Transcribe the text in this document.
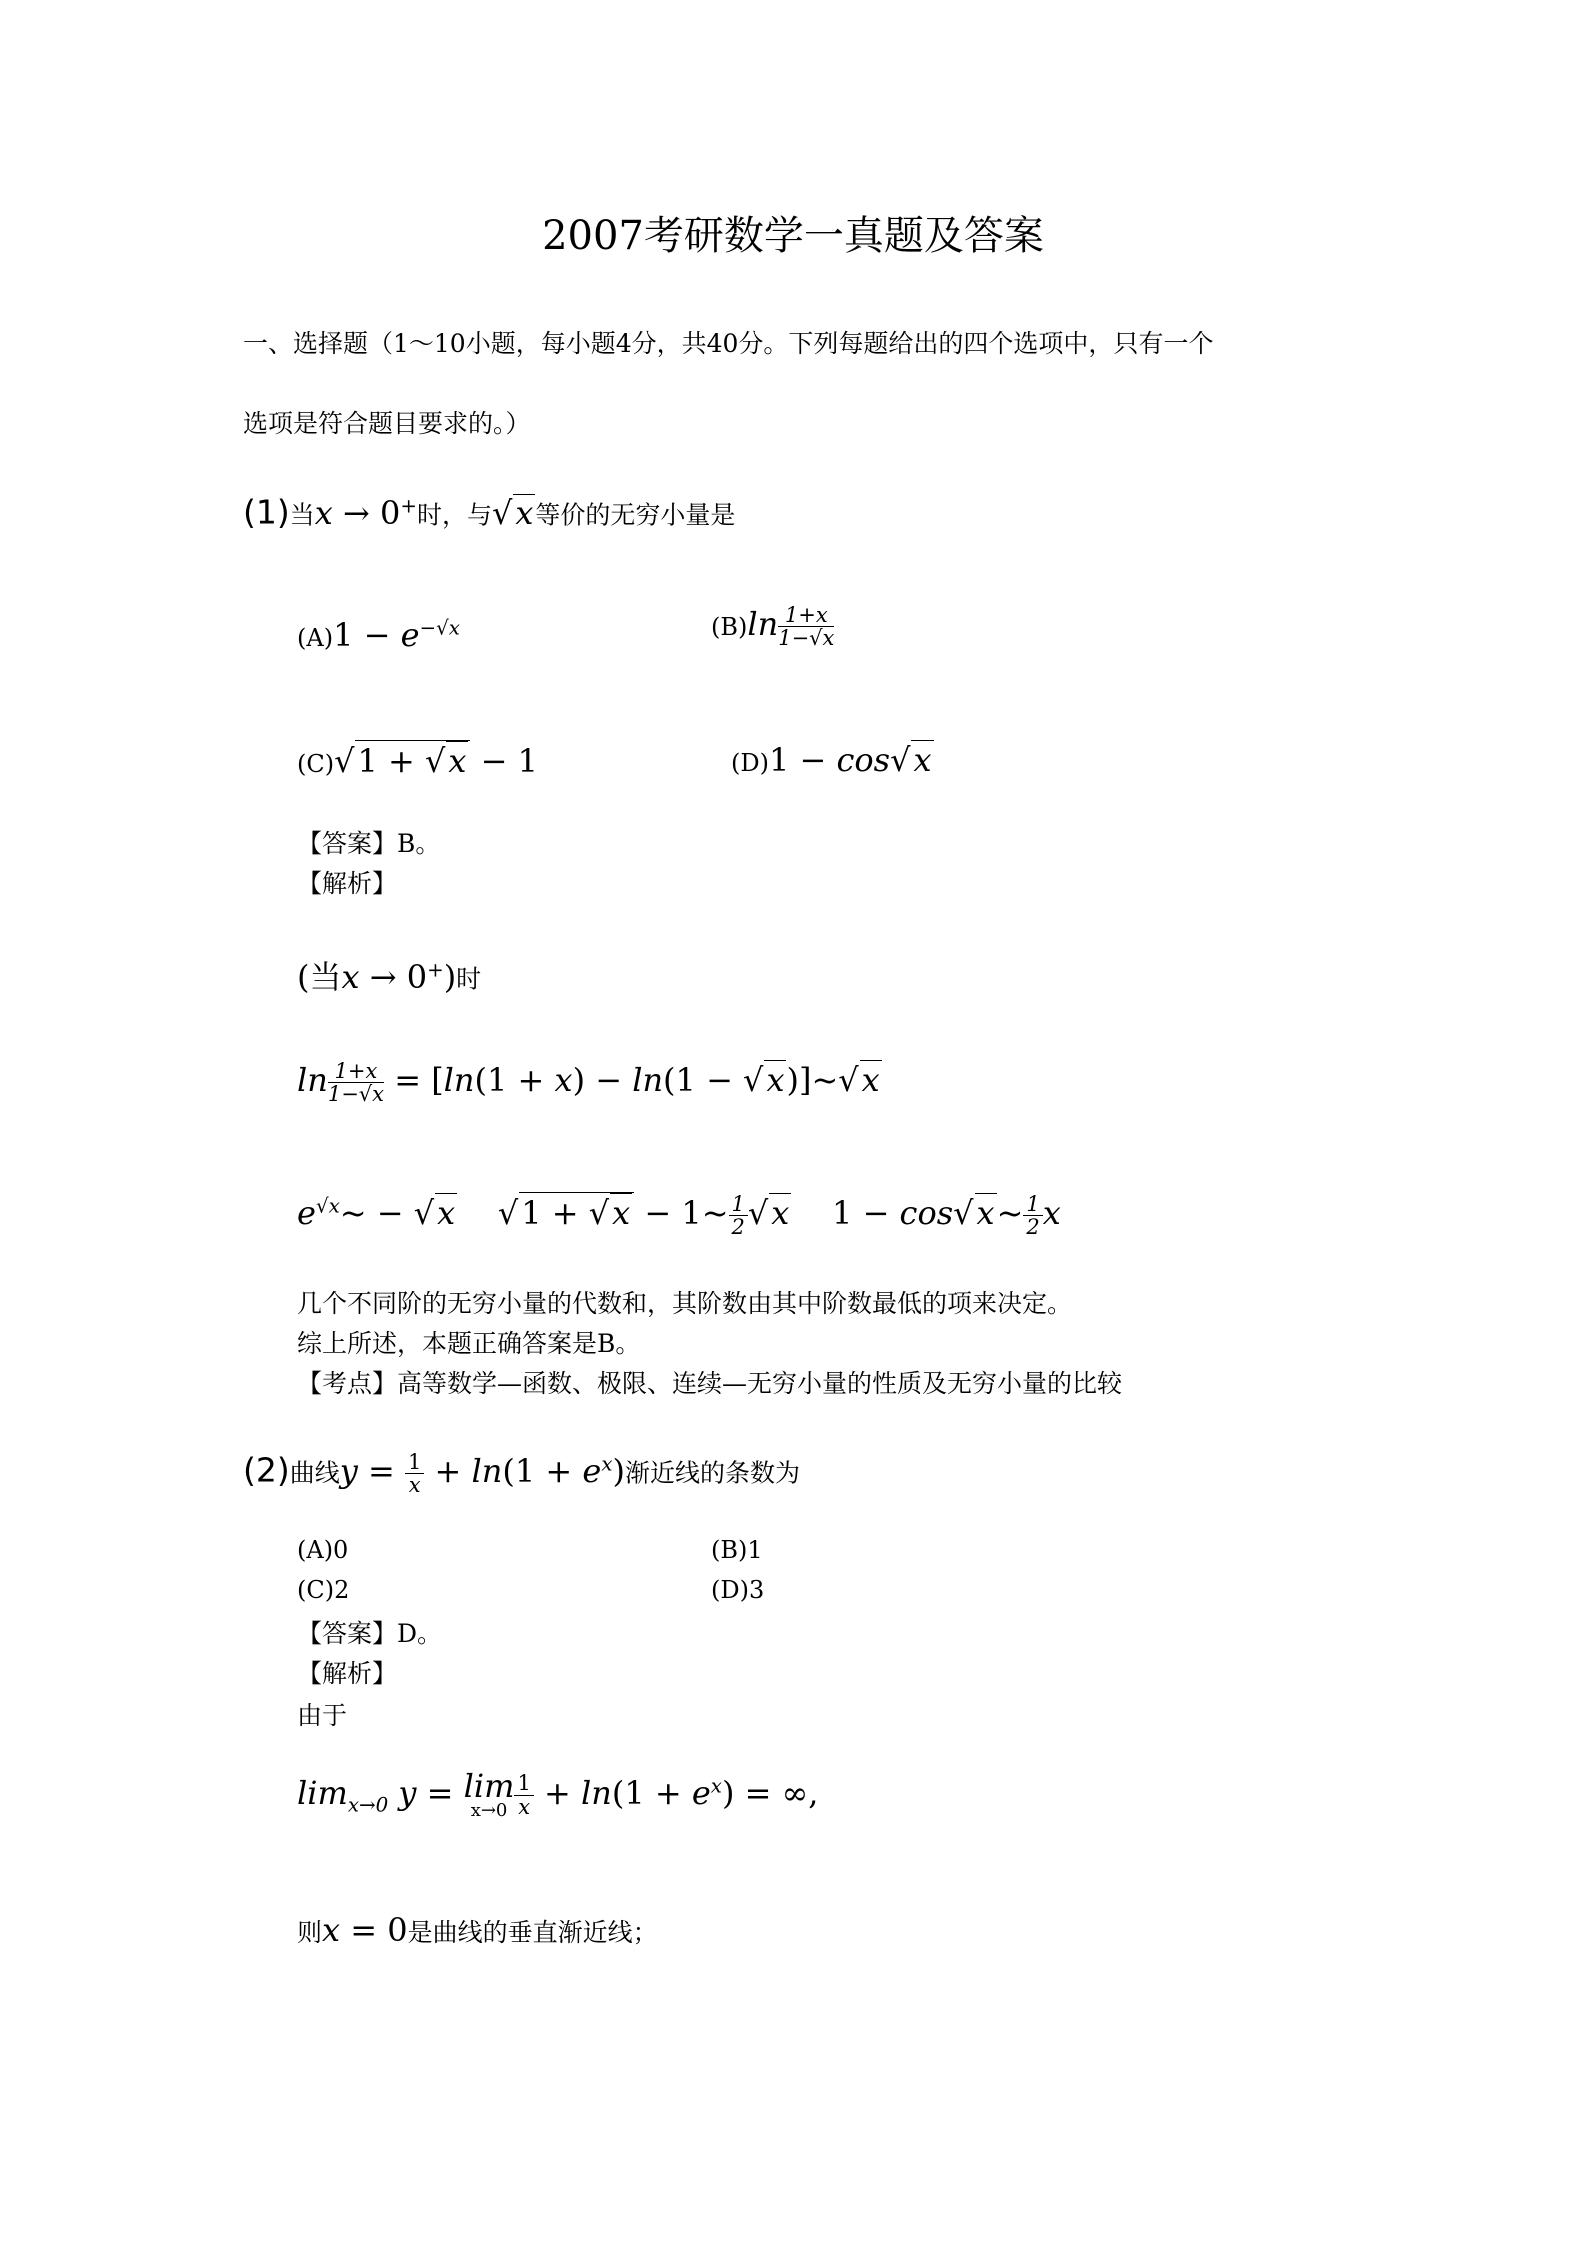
2007考研数学一真题及答案
一、选择题（1～10小题，每小题4分，共40分。下列每题给出的四个选项中，只有一个
选项是符合题目要求的。）
(1)当x → 0+时，与√x等价的无穷小量是
$(A)1 - e^{-√x}$	$(B)\ln \frac{1+x}{1-√x}$
(C)√1 + √x − 1	(D)1 − cos√x
【答案】B。
【解析】
(当x → 0+)时
$\ln \frac{1+x}{1-√x} = [\ln(1 + x) - \ln(1$ − √x)]~√x
$e^{√x}\sim - √x$ √1 + √x − 1~ $\frac{1}{2} √x$    1 − cos√x~ $\frac{1}{2}$ x
几个不同阶的无穷小量的代数和，其阶数由其中阶数最低的项来决定。
综上所述，本题正确答案是B。
【考点】高等数学—函数、极限、连续—无穷小量的性质及无穷小量的比较
(2)曲线$y = \frac{1}{x} + \ln(1 + e^x)$渐近线的条数为
(A)0	(B)1
(C)2	(D)3
【答案】D。
【解析】
由于
$\lim_{x\to 0} y = \lim$
$x\to 0 \frac{1}{x} + \ln(1 + e^x)$ = ∞,
则x = 0是曲线的垂直渐近线；
